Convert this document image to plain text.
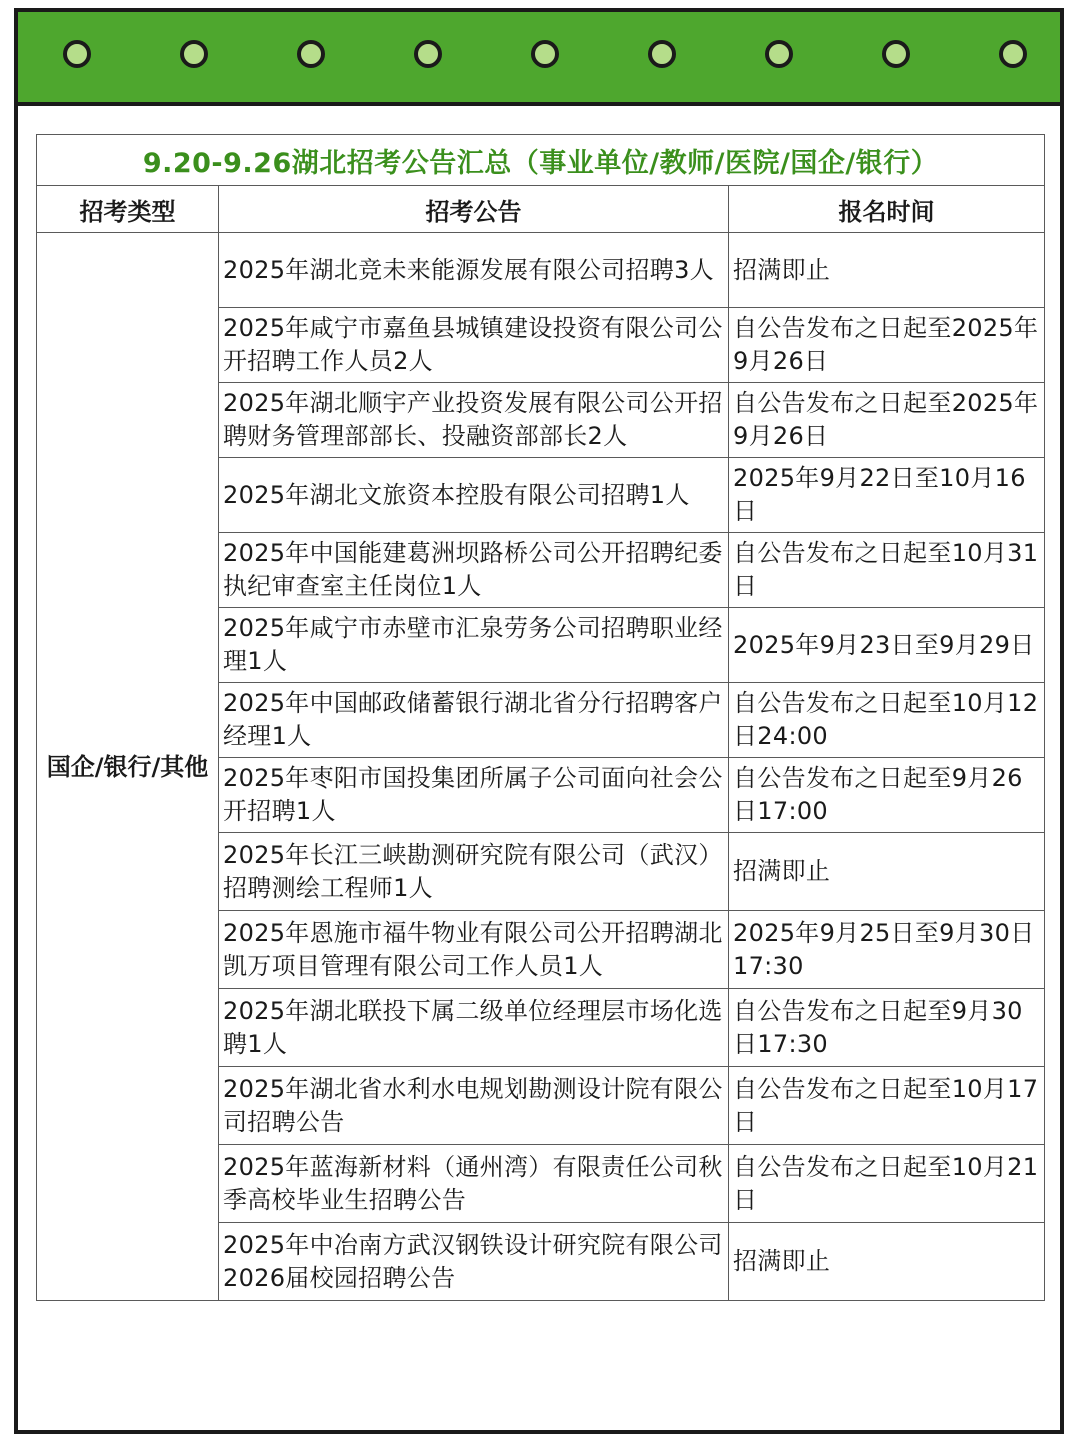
9.20-9.26湖北招考公告汇总（事业单位/教师/医院/国企/银行）		
招考类型	招考公告	报名时间
国企/银行/其他	2025年湖北竞未来能源发展有限公司招聘3人	招满即止
	2025年咸宁市嘉鱼县城镇建设投资有限公司公开招聘工作人员2人	自公告发布之日起至2025年9月26日
	2025年湖北顺宇产业投资发展有限公司公开招聘财务管理部部长、投融资部部长2人	自公告发布之日起至2025年9月26日
	2025年湖北文旅资本控股有限公司招聘1人	2025年9月22日至10月16日
	2025年中国能建葛洲坝路桥公司公开招聘纪委执纪审查室主任岗位1人	自公告发布之日起至10月31日
	2025年咸宁市赤壁市汇泉劳务公司招聘职业经理1人	2025年9月23日至9月29日
	2025年中国邮政储蓄银行湖北省分行招聘客户经理1人	自公告发布之日起至10月12日24:00
	2025年枣阳市国投集团所属子公司面向社会公开招聘1人	自公告发布之日起至9月26日17:00
	2025年长江三峡勘测研究院有限公司（武汉）招聘测绘工程师1人	招满即止
	2025年恩施市福牛物业有限公司公开招聘湖北凯万项目管理有限公司工作人员1人	2025年9月25日至9月30日17:30
	2025年湖北联投下属二级单位经理层市场化选聘1人	自公告发布之日起至9月30日17:30
	2025年湖北省水利水电规划勘测设计院有限公司招聘公告	自公告发布之日起至10月17日
	2025年蓝海新材料（通州湾）有限责任公司秋季高校毕业生招聘公告	自公告发布之日起至10月21日
	2025年中冶南方武汉钢铁设计研究院有限公司2026届校园招聘公告	招满即止
